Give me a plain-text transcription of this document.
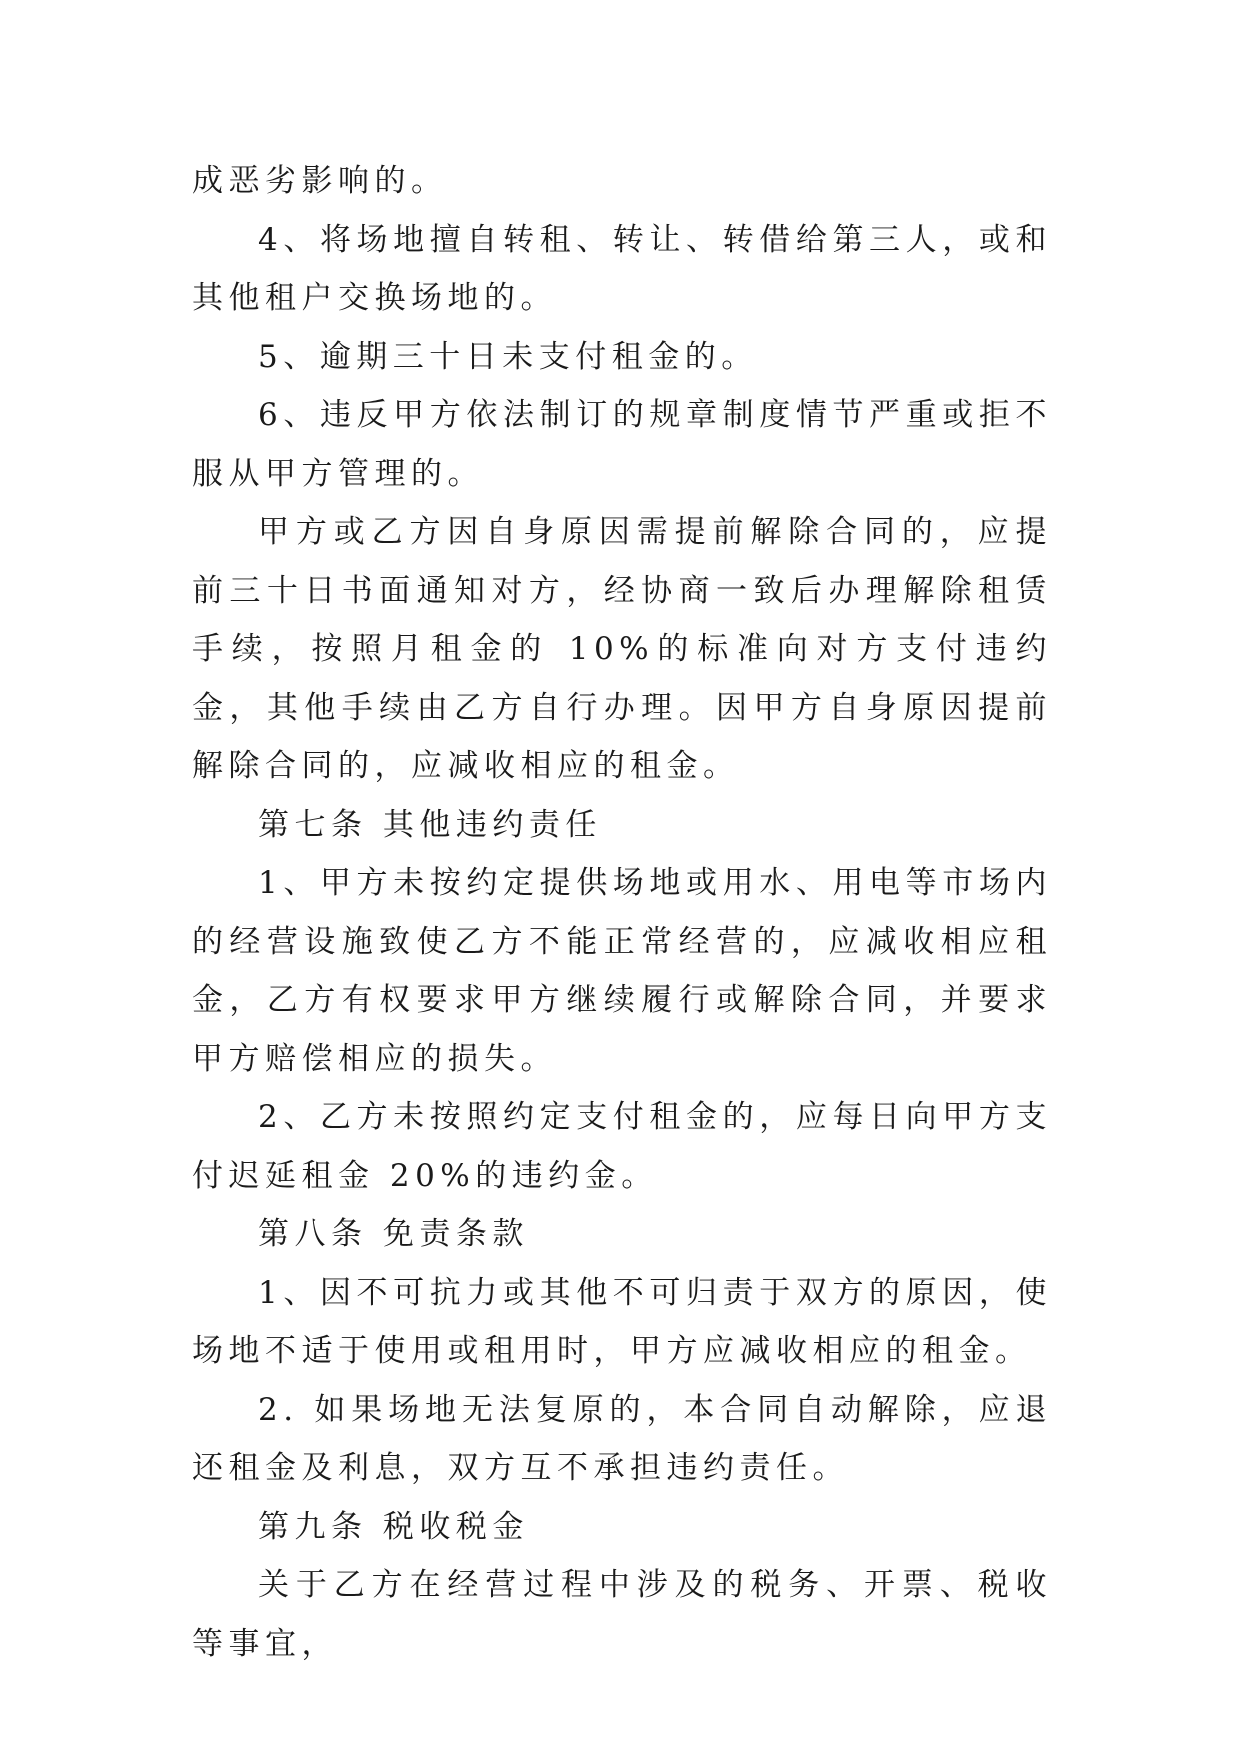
成恶劣影响的。

4、将场地擅自转租、转让、转借给第三人，或和其他租户交换场地的。

5、逾期三十日未支付租金的。

6、违反甲方依法制订的规章制度情节严重或拒不服从甲方管理的。

甲方或乙方因自身原因需提前解除合同的，应提前三十日书面通知对方，经协商一致后办理解除租赁手续，按照月租金的 10%的标准向对方支付违约金，其他手续由乙方自行办理。因甲方自身原因提前解除合同的，应减收相应的租金。

第七条 其他违约责任

1、甲方未按约定提供场地或用水、用电等市场内的经营设施致使乙方不能正常经营的，应减收相应租金，乙方有权要求甲方继续履行或解除合同，并要求甲方赔偿相应的损失。

2、乙方未按照约定支付租金的，应每日向甲方支付迟延租金 20%的违约金。

第八条 免责条款

1、因不可抗力或其他不可归责于双方的原因，使场地不适于使用或租用时，甲方应减收相应的租金。

2. 如果场地无法复原的，本合同自动解除，应退还租金及利息，双方互不承担违约责任。

第九条 税收税金

关于乙方在经营过程中涉及的税务、开票、税收等事宜，
